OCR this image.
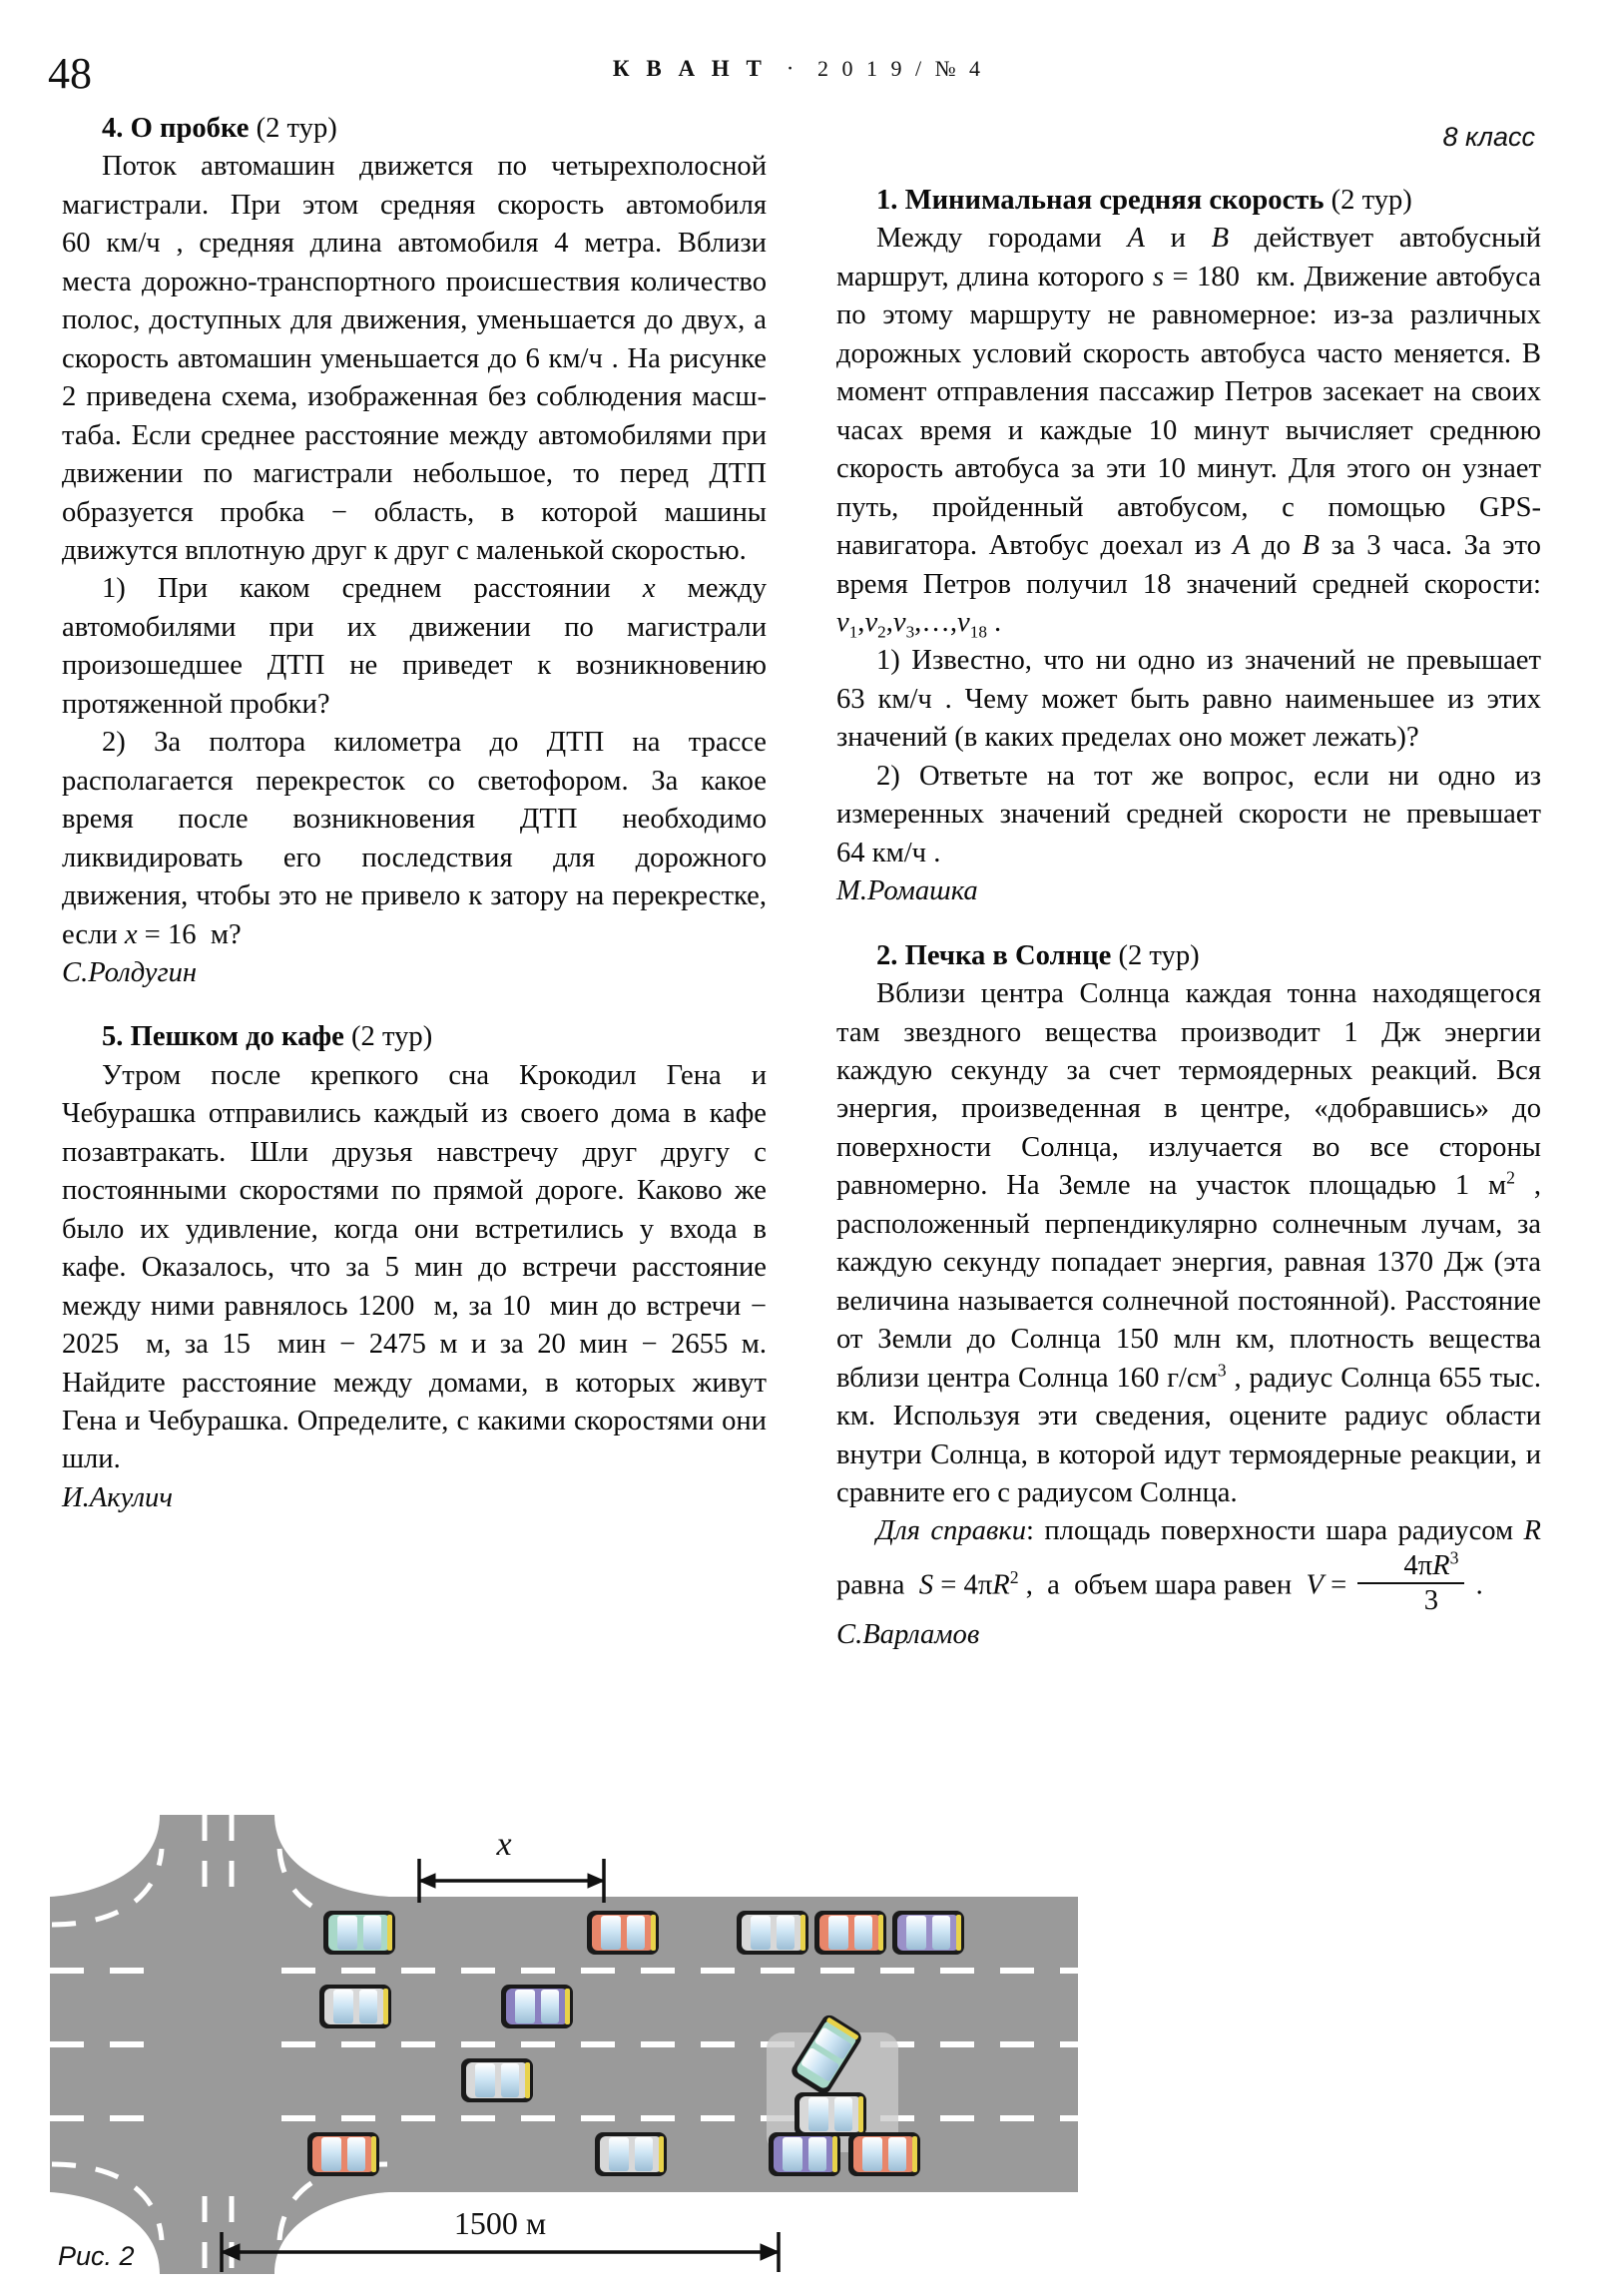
48	К В А Н Т · 2 0 1 9 / № 4
8 класс
4. О пробке (2 тур)

Поток автомашин движется по четырехполосной магистрали. При этом средняя скорость автомобиля 60 км/ч , средняя длина автомобиля 4 метра. Вблизи места дорожно-транспортного происшествия количество полос, доступных для движения, уменьшается до двух, а скорость автомашин уменьшается до 6 км/ч . На рисунке 2 приведена схема, изображенная без соблюдения масштаба. Если среднее расстояние между автомобилями при движении по магистрали небольшое, то перед ДТП образуется пробка − область, в которой машины движутся вплотную друг к друг с маленькой скоростью.

1) При каком среднем расстоянии x между автомобилями при их движении по магистрали произошедшее ДТП не приведет к возникновению протяженной пробки?

2) За полтора километра до ДТП на трассе располагается перекресток со светофором. За какое время после возникновения ДТП необходимо ликвидировать его последствия для дорожного движения, чтобы это не привело к затору на перекрестке, если x = 16  м?

С.Ролдугин

5. Пешком до кафе (2 тур)

Утром после крепкого сна Крокодил Гена и Чебурашка отправились каждый из своего дома в кафе позавтракать. Шли друзья навстречу друг другу с постоянными скоростями по прямой дороге. Каково же было их удивление, когда они встретились у входа в кафе. Оказалось, что за 5 мин до встречи расстояние между ними равнялось 1200  м, за 10  мин до встречи − 2025  м, за 15  мин − 2475 м и за 20 мин − 2655 м. Найдите расстояние между домами, в которых живут Гена и Чебурашка. Определите, с какими скоростями они шли.

И.Акулич

1. Минимальная средняя скорость (2 тур)

Между городами A и B действует автобусный маршрут, длина которого s = 180  км. Движение автобуса по этому маршруту не равномерное: из-за различных дорожных условий скорость автобуса часто меняется. В момент отправления пассажир Петров засекает на своих часах время и каждые 10 минут вычисляет среднюю скорость автобуса за эти 10 минут. Для этого он узнает путь, пройденный автобусом, с помощью GPS-навигатора. Автобус доехал из A до B за 3 часа. За это время Петров получил 18 значений средней скорости: $v_1,v_2,v_3,\dots,v_{18}$ .

1) Известно, что ни одно из значений не превышает 63 км/ч . Чему может быть равно наименьшее из этих значений (в каких пределах оно может лежать)?

2) Ответьте на тот же вопрос, если ни одно из измеренных значений средней скорости не превышает 64 км/ч .

М.Ромашка

2. Печка в Солнце (2 тур)

Вблизи центра Солнца каждая тонна находящегося там звездного вещества производит 1 Дж энергии каждую секунду за счет термоядерных реакций. Вся энергия, произведенная в центре, «добравшись» до поверхности Солнца, излучается во все стороны равномерно. На Земле на участок площадью 1 $м^2$ , расположенный перпендикулярно солнечным лучам, за каждую секунду попадает энергия, равная 1370 Дж (эта величина называется солнечной постоянной). Расстояние от Земли до Солнца 150 млн км, плотность вещества вблизи центра Солнца 160 $г/см^3$ , радиус Солнца 655 тыс. км. Используя эти сведения, оцените радиус области внутри Солнца, в которой идут термоядерные реакции, и сравните его с радиусом Солнца.

Для справки: площадь поверхности шара радиусом R равна  $S = 4\pi R^2$ ,  а  объем шара равен  $V = \frac{4\pi R^3}{3}$ .

С.Варламов

x
1500 м
Рис. 2
